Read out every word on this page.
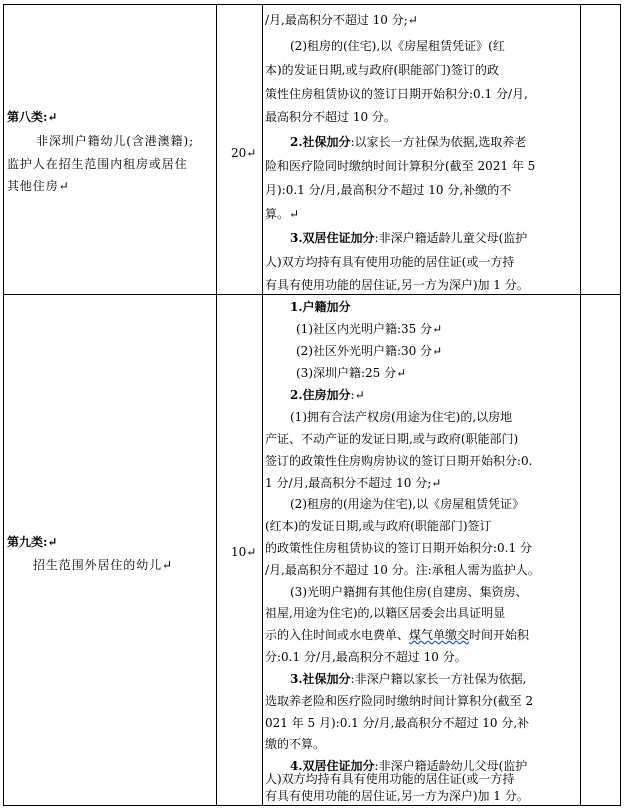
第八类:↵
非深圳户籍幼儿(含港澳籍);
监护人在招生范围内租房或居住
其他住房↵
20↵
/月,最高积分不超过 10 分;↵
(2)租房的(住宅),以《房屋租赁凭证》(红
本)的发证日期,或与政府(职能部门)签订的政
策性住房租赁协议的签订日期开始积分:0.1 分/月,
最高积分不超过 10 分。
2.社保加分:以家长一方社保为依据,选取养老
险和医疗险同时缴纳时间计算积分(截至 2021 年 5
月):0.1 分/月,最高积分不超过 10 分,补缴的不
算。↵
3.双居住证加分:非深户籍适龄儿童父母(监护
人)双方均持有具有使用功能的居住证(或一方持
有具有使用功能的居住证,另一方为深户)加 1 分。
第九类:↵
招生范围外居住的幼儿↵
10↵
1.户籍加分
(1)社区内光明户籍:35 分↵
(2)社区外光明户籍:30 分↵
(3)深圳户籍:25 分↵
2.住房加分:↵
(1)拥有合法产权房(用途为住宅)的,以房地
产证、不动产证的发证日期,或与政府(职能部门)
签订的政策性住房购房协议的签订日期开始积分:0.
1 分/月,最高积分不超过 10 分;↵
(2)租房的(用途为住宅),以《房屋租赁凭证》
(红本)的发证日期,或与政府(职能部门)签订
的政策性住房租赁协议的签订日期开始积分:0.1 分
/月,最高积分不超过 10 分。注:承租人需为监护人。
(3)光明户籍拥有其他住房(自建房、集资房、
祖屋,用途为住宅)的,以籍区居委会出具证明显
示的入住时间或水电费单、煤气单缴交时间开始积
分:0.1 分/月,最高积分不超过 10 分。
3.社保加分:非深户籍以家长一方社保为依据,
选取养老险和医疗险同时缴纳时间计算积分(截至 2
021 年 5 月):0.1 分/月,最高积分不超过 10 分,补
缴的不算。
4.双居住证加分:非深户籍适龄幼儿父母(监护
人)双方均持有具有使用功能的居住证(或一方持
有具有使用功能的居住证,另一方为深户)加 1 分。
